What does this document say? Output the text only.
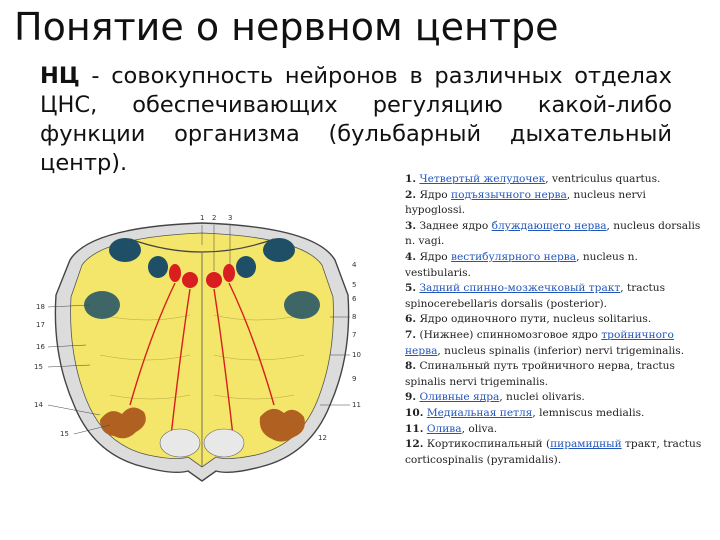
Понятие о нервном центре
НЦ - совокупность нейронов в различных отделах ЦНС, обеспечивающих регуляцию какой-либо функции организма (бульбарный дыхательный центр).
1 2 3
8
10
11
12
18
17
16
15
14
15
4
5
6
7
9

1. Четвертый желудочек, ventriculus quartus.

2. Ядро подъязычного нерва, nucleus nervi hypoglossi.

3. Заднее ядро блуждающего нерва, nucleus dorsalis n. vagi.

4. Ядро вестибулярного нерва, nucleus n. vestibularis.

5. Задний спинно-мозжечковый тракт, tractus spinocerebellaris dorsalis (posterior).

6. Ядро одиночного пути, nucleus solitarius.

7. (Нижнее) спинномозговое ядро тройничного нерва, nucleus spinalis (inferior) nervi trigeminalis.

8. Спинальный путь тройничного нерва, tractus spinalis nervi trigeminalis.

9. Оливные ядра, nuclei olivaris.

10. Медиальная петля, lemniscus medialis.

11. Олива, oliva.

12. Кортикоспинальный (пирамидный тракт, tractus corticospinalis (pyramidalis).
